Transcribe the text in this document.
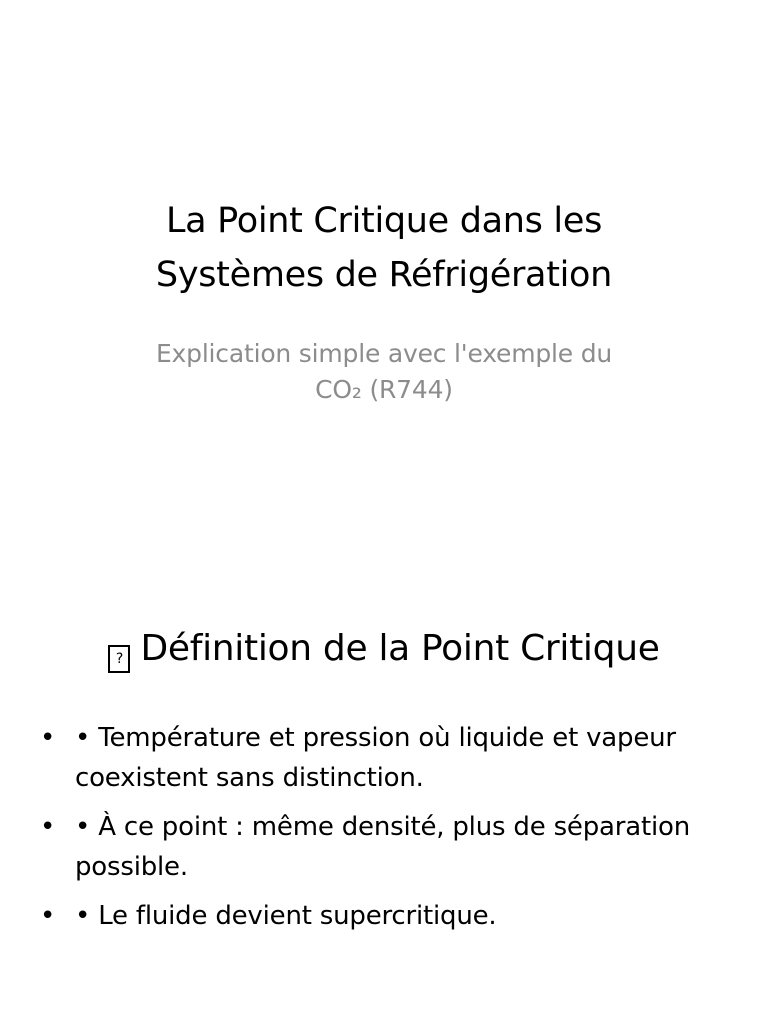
La Point Critique dans les
Systèmes de Réfrigération
Explication simple avec l'exemple du
CO₂ (R744)
? Définition de la Point Critique
• • Température et pression où liquide et vapeur coexistent sans distinction.
• • À ce point : même densité, plus de séparation possible.
• • Le fluide devient supercritique.
